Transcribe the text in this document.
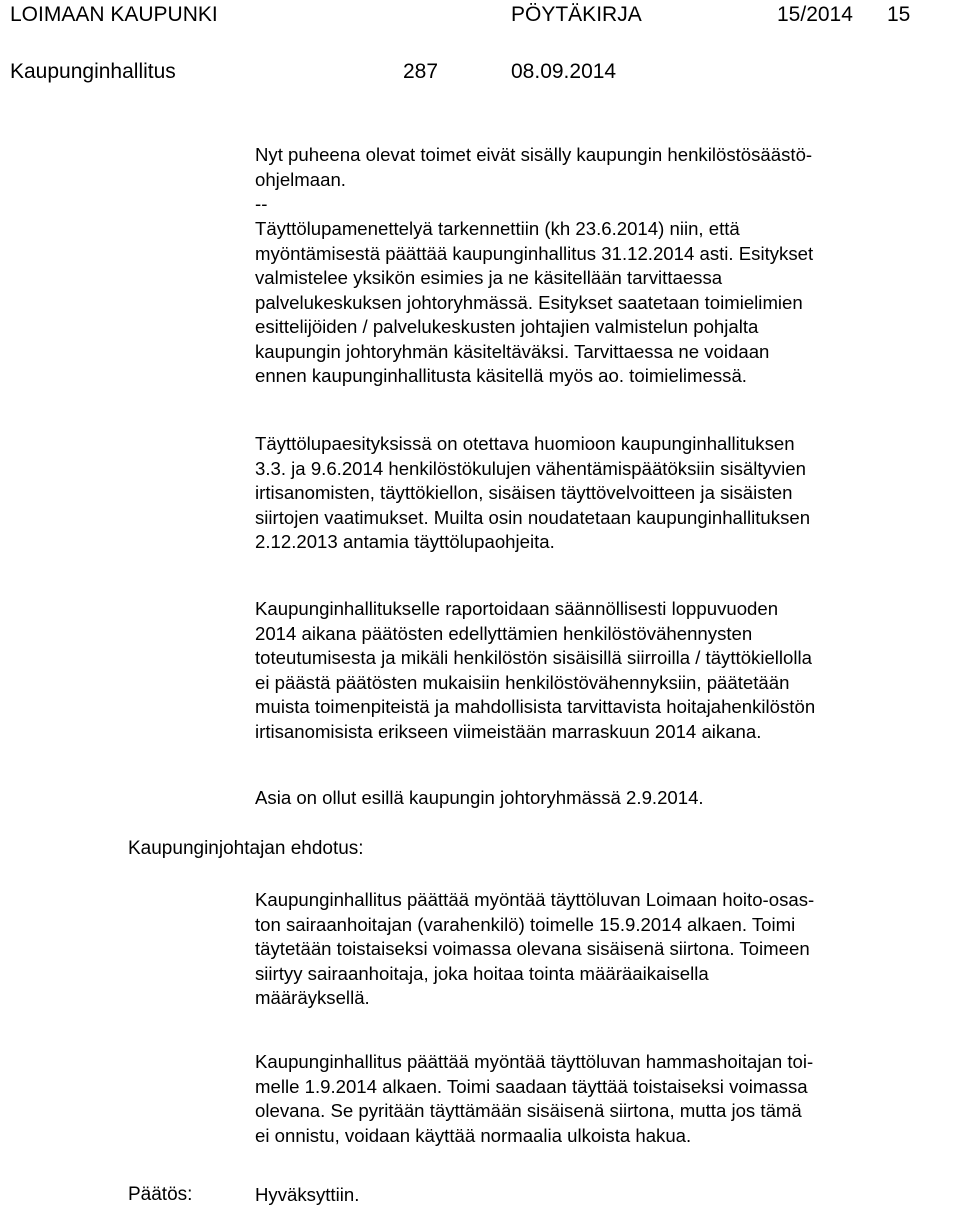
LOIMAAN KAUPUNKI	PÖYTÄKIRJA	15/2014 15
Kaupunginhallitus	287	08.09.2014
Nyt puheena olevat toimet eivät sisälly kaupungin henkilöstösäästö-
ohjelmaan.
--
Täyttölupamenettelyä tarkennettiin (kh 23.6.2014) niin, että
myöntämisestä päättää kaupunginhallitus 31.12.2014 asti. Esitykset
valmistelee yksikön esimies ja ne käsitellään tarvittaessa
palvelukeskuksen johtoryhmässä. Esitykset saatetaan toimielimien
esittelijöiden / palvelukeskusten johtajien valmistelun pohjalta
kaupungin johtoryhmän käsiteltäväksi. Tarvittaessa ne voidaan
ennen kaupunginhallitusta käsitellä myös ao. toimielimessä.
Täyttölupaesityksissä on otettava huomioon kaupunginhallituksen
3.3. ja 9.6.2014 henkilöstökulujen vähentämispäätöksiin sisältyvien
irtisanomisten, täyttökiellon, sisäisen täyttövelvoitteen ja sisäisten
siirtojen vaatimukset. Muilta osin noudatetaan kaupunginhallituksen
2.12.2013 antamia täyttölupaohjeita.
Kaupunginhallitukselle raportoidaan säännöllisesti loppuvuoden
2014 aikana päätösten edellyttämien henkilöstövähennysten
toteutumisesta ja mikäli henkilöstön sisäisillä siirroilla / täyttökiellolla
ei päästä päätösten mukaisiin henkilöstövähennyksiin, päätetään
muista toimenpiteistä ja mahdollisista tarvittavista hoitajahenkilöstön
irtisanomisista erikseen viimeistään marraskuun 2014 aikana.
Asia on ollut esillä kaupungin johtoryhmässä 2.9.2014.
Kaupunginjohtajan ehdotus:
Kaupunginhallitus päättää myöntää täyttöluvan Loimaan hoito-osas-
ton sairaanhoitajan (varahenkilö) toimelle 15.9.2014 alkaen. Toimi
täytetään toistaiseksi voimassa olevana sisäisenä siirtona. Toimeen
siirtyy sairaanhoitaja, joka hoitaa tointa määräaikaisella
määräyksellä.
Kaupunginhallitus päättää myöntää täyttöluvan hammashoitajan toi-
melle 1.9.2014 alkaen. Toimi saadaan täyttää toistaiseksi voimassa
olevana. Se pyritään täyttämään sisäisenä siirtona, mutta jos tämä
ei onnistu, voidaan käyttää normaalia ulkoista hakua.
Päätös:	Hyväksyttiin.
